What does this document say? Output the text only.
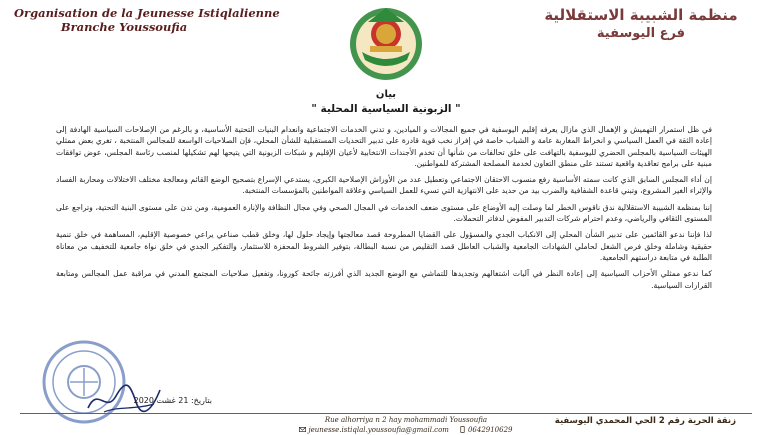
Organisation de la Jeunesse Istiqlalienne
Branche Youssoufia
منظمة الشبيبة الاستقلالية
فرع اليوسفية
بيان
" الزبونية السياسية المحلية "

في ظل استمرار التهميش و الإهمال الذي مازال يعرفه إقليم اليوسفية في جميع المجالات و الميادين، و تدني الخدمات الاجتماعية وانعدام البنيات التحتية الأساسية، و بالرغم من الإصلاحات السياسية الهادفة إلى إعادة الثقة في العمل السياسي و انخراط المغاربة عامة و الشباب خاصة في إفراز نخب قوية قادرة على تدبير التحديات المستقبلية للشأن المحلي، فإن الصلاحيات الواسعة للمجالس المنتخبة ، تغري بعض ممثلي الهيئات السياسية بالمجلس الحضري لليوسفية بالتهافت على خلق تحالفات من شأنها أن تخدم الأجندات الانتخابية لأعيان الإقليم و شبكات الزبونية التي يتيحها لهم تشكيلها لمنصب رئاسة المجلس، عوض توافقات مبنية على برامج تعاقدية واقعية تستند على منطق التعاون لخدمة المصلحة المشتركة للمواطنين.

إن أداء المجلس السابق الذي كانت سمته الأساسية رفع منسوب الاحتقان الاجتماعي وتعطيل عدد من الأوراش الإصلاحية الكبرى، يستدعي الإسراع بتصحيح الوضع القائم ومعالجة مختلف الاختلالات ومحاربة الفساد والإثراء الغير المشروع، وتبني قاعدة الشفافية والضرب بيد من حديد على الانتهازية التي تسيء للعمل السياسي وعلاقة المواطنين بالمؤسسات المنتخبة.

إننا بمنظمة الشبيبة الاستقلالية ندق ناقوس الخطر لما وصلت إليه الأوضاع على مستوى ضعف الخدمات في المجال الصحي وفي مجال النظافة والإنارة العمومية، ومن تدن على مستوى البنية التحتية، وتراجع على المستوى الثقافي والرياضي، وعدم احترام شركات التدبير المفوض لدفاتر التحملات.

لذا فإننا ندعو القائمين على تدبير الشأن المحلي إلى الانكباب الجدي والمسؤول على القضايا المطروحة قصد معالجتها وإيجاد حلول لها، وخلق قطب صناعي يراعي خصوصية الإقليم، المساهمة في خلق تنمية حقيقية وشاملة وخلق فرص الشغل لحاملي الشهادات الجامعية والشباب العاطل قصد التقليص من نسبة البطالة، بتوفير الشروط المحفزة للاستثمار، والتفكير الجدي في خلق نواة جامعية للتخفيف من معاناة الطلبة في متابعة دراستهم الجامعية.

كما ندعو ممثلي الأحزاب السياسية إلى إعادة النظر في آليات اشتغالهم وتجديدها للتماشي مع الوضع الجديد الذي أفرزته جائحة كورونا، وتفعيل صلاحيات المجتمع المدني في مراقبة عمل المجالس ومتابعة القرارات السياسية.

بتاريخ: 21 غشت 2020
Rue alhorriya n 2 hay mohammadi Youssoufia
jeunesse.istiqlal.youssoufia@gmail.com	0642910629
زنقة الحرية رقم 2 الحي المحمدي اليوسفية
